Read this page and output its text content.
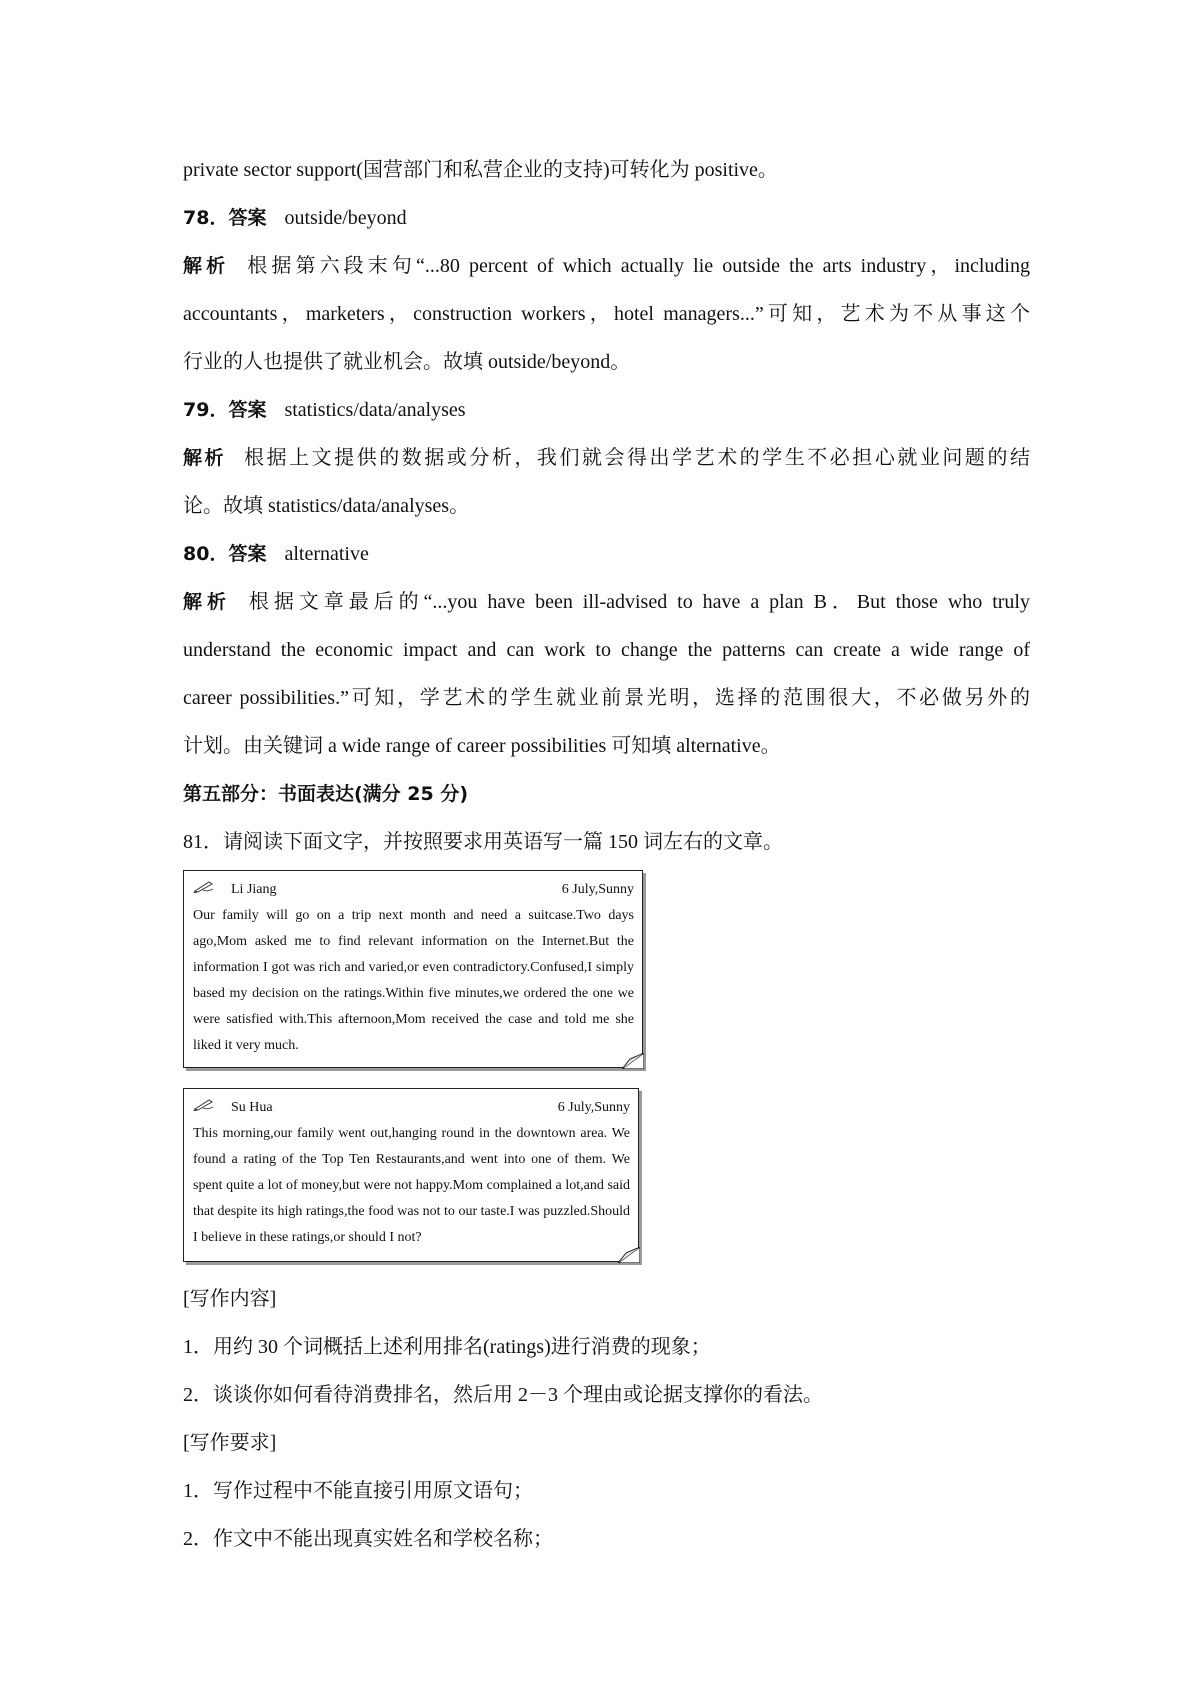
private sector support(国营部门和私营企业的支持)可转化为 positive。
78．答案 outside/beyond
解析 根据第六段末句“...80 percent of which actually lie outside the arts industry，including
accountants，marketers，construction workers，hotel managers...”可知，艺术为不从事这个
行业的人也提供了就业机会。故填 outside/beyond。
79．答案 statistics/data/analyses
解析 根据上文提供的数据或分析，我们就会得出学艺术的学生不必担心就业问题的结
论。故填 statistics/data/analyses。
80．答案 alternative
解析 根据文章最后的“...you have been ill-advised to have a plan B．But those who truly
understand the economic impact and can work to change the patterns can create a wide range of
career possibilities.”可知，学艺术的学生就业前景光明，选择的范围很大，不必做另外的
计划。由关键词 a wide range of career possibilities 可知填 alternative。
第五部分：书面表达(满分 25 分)
81．请阅读下面文字，并按照要求用英语写一篇 150 词左右的文章。
Li Jiang	6 July,Sunny

Our family will go on a trip next month and need a suitcase.Two days ago,Mom asked me to find relevant information on the Internet.But the information I got was rich and varied,or even contradictory.Confused,I simply based my decision on the ratings.Within five minutes,we ordered the one we were satisfied with.This afternoon,Mom received the case and told me she liked it very much.

Su Hua	6 July,Sunny

This morning,our family went out,hanging round in the downtown area. We found a rating of the Top Ten Restaurants,and went into one of them. We spent quite a lot of money,but were not happy.Mom complained a lot,and said that despite its high ratings,the food was not to our taste.I was puzzled.Should I believe in these ratings,or should I not?

[写作内容]
1．用约 30 个词概括上述利用排名(ratings)进行消费的现象；
2．谈谈你如何看待消费排名，然后用 2－3 个理由或论据支撑你的看法。
[写作要求]
1．写作过程中不能直接引用原文语句；
2．作文中不能出现真实姓名和学校名称；
